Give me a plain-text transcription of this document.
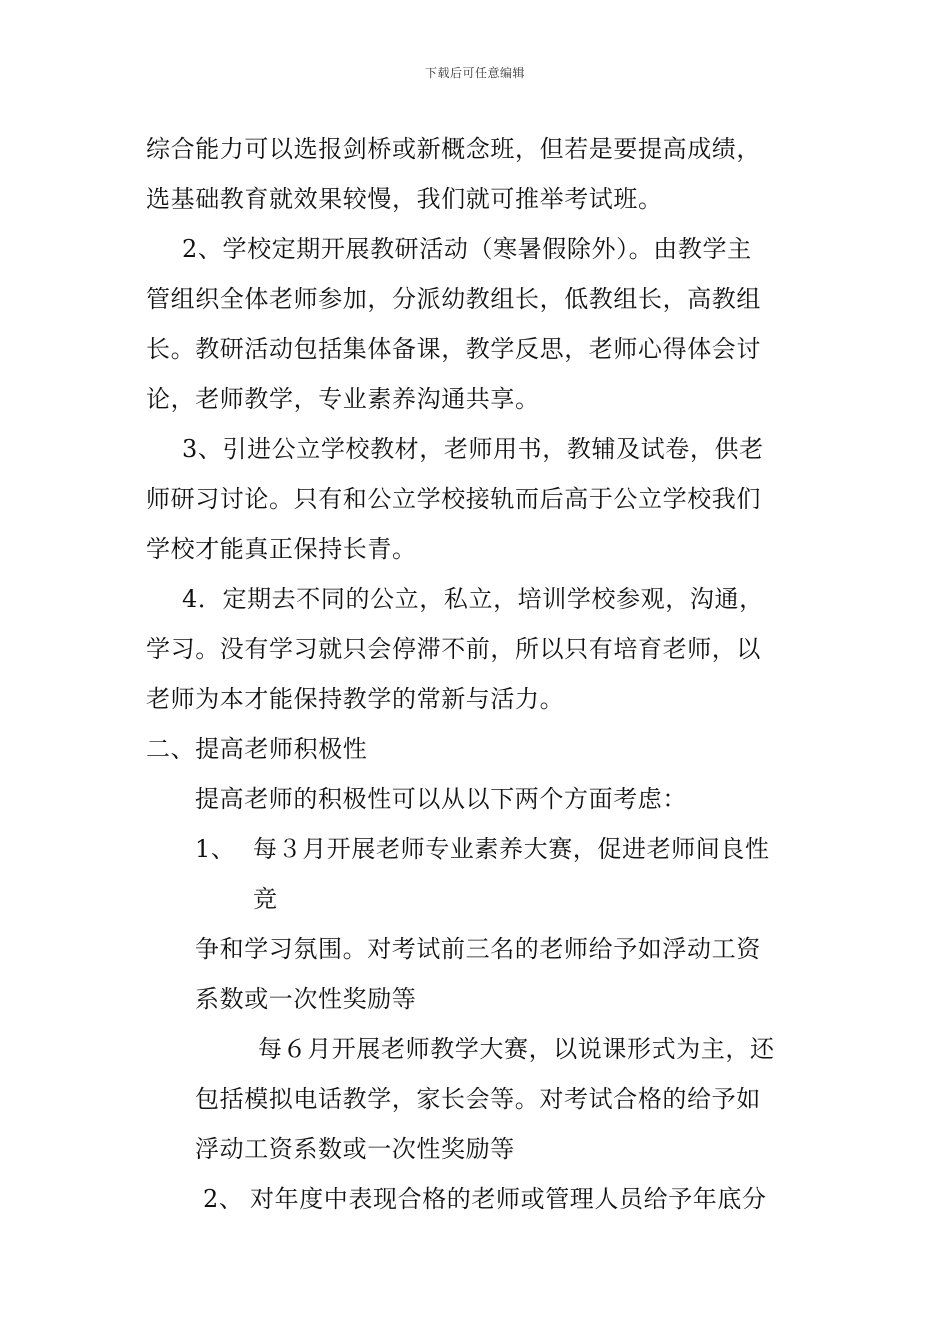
下载后可任意编辑
综合能力可以选报剑桥或新概念班，但若是要提高成绩，
选基础教育就效果较慢，我们就可推举考试班。
2、学校定期开展教研活动（寒暑假除外）。由教学主
管组织全体老师参加，分派幼教组长，低教组长，高教组
长。教研活动包括集体备课，教学反思，老师心得体会讨
论，老师教学，专业素养沟通共享。
3、引进公立学校教材，老师用书，教辅及试卷，供老
师研习讨论。只有和公立学校接轨而后高于公立学校我们
学校才能真正保持长青。
4．定期去不同的公立，私立，培训学校参观，沟通，
学习。没有学习就只会停滞不前，所以只有培育老师，以
老师为本才能保持教学的常新与活力。
二、提高老师积极性
提高老师的积极性可以从以下两个方面考虑：
1、 每３月开展老师专业素养大赛，促进老师间良性
竞
争和学习氛围。对考试前三名的老师给予如浮动工资
系数或一次性奖励等
每６月开展老师教学大赛，以说课形式为主，还
包括模拟电话教学，家长会等。对考试合格的给予如
浮动工资系数或一次性奖励等
2、 对年度中表现合格的老师或管理人员给予年底分
